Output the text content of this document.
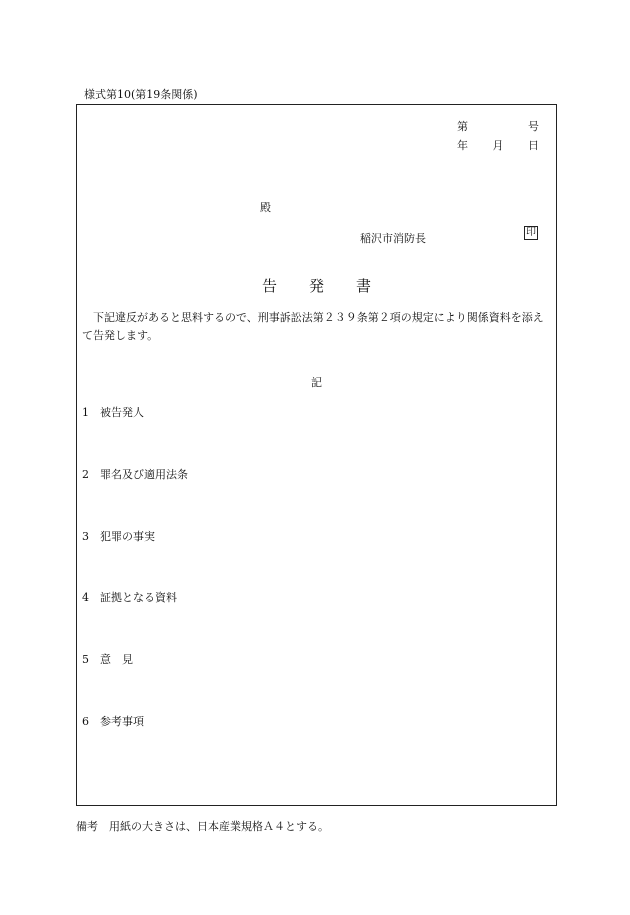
様式第10(第19条関係)
第	号
年 月 日
殿
稲沢市消防長	印
告 発 書
下記違反があると思料するので、刑事訴訟法第２３９条第２項の規定により関係資料を添えて告発します。
記
1 被告発人
2 罪名及び適用法条
3 犯罪の事実
4 証拠となる資料
5 意　見
6 参考事項
備考　用紙の大きさは、日本産業規格Ａ４とする。
